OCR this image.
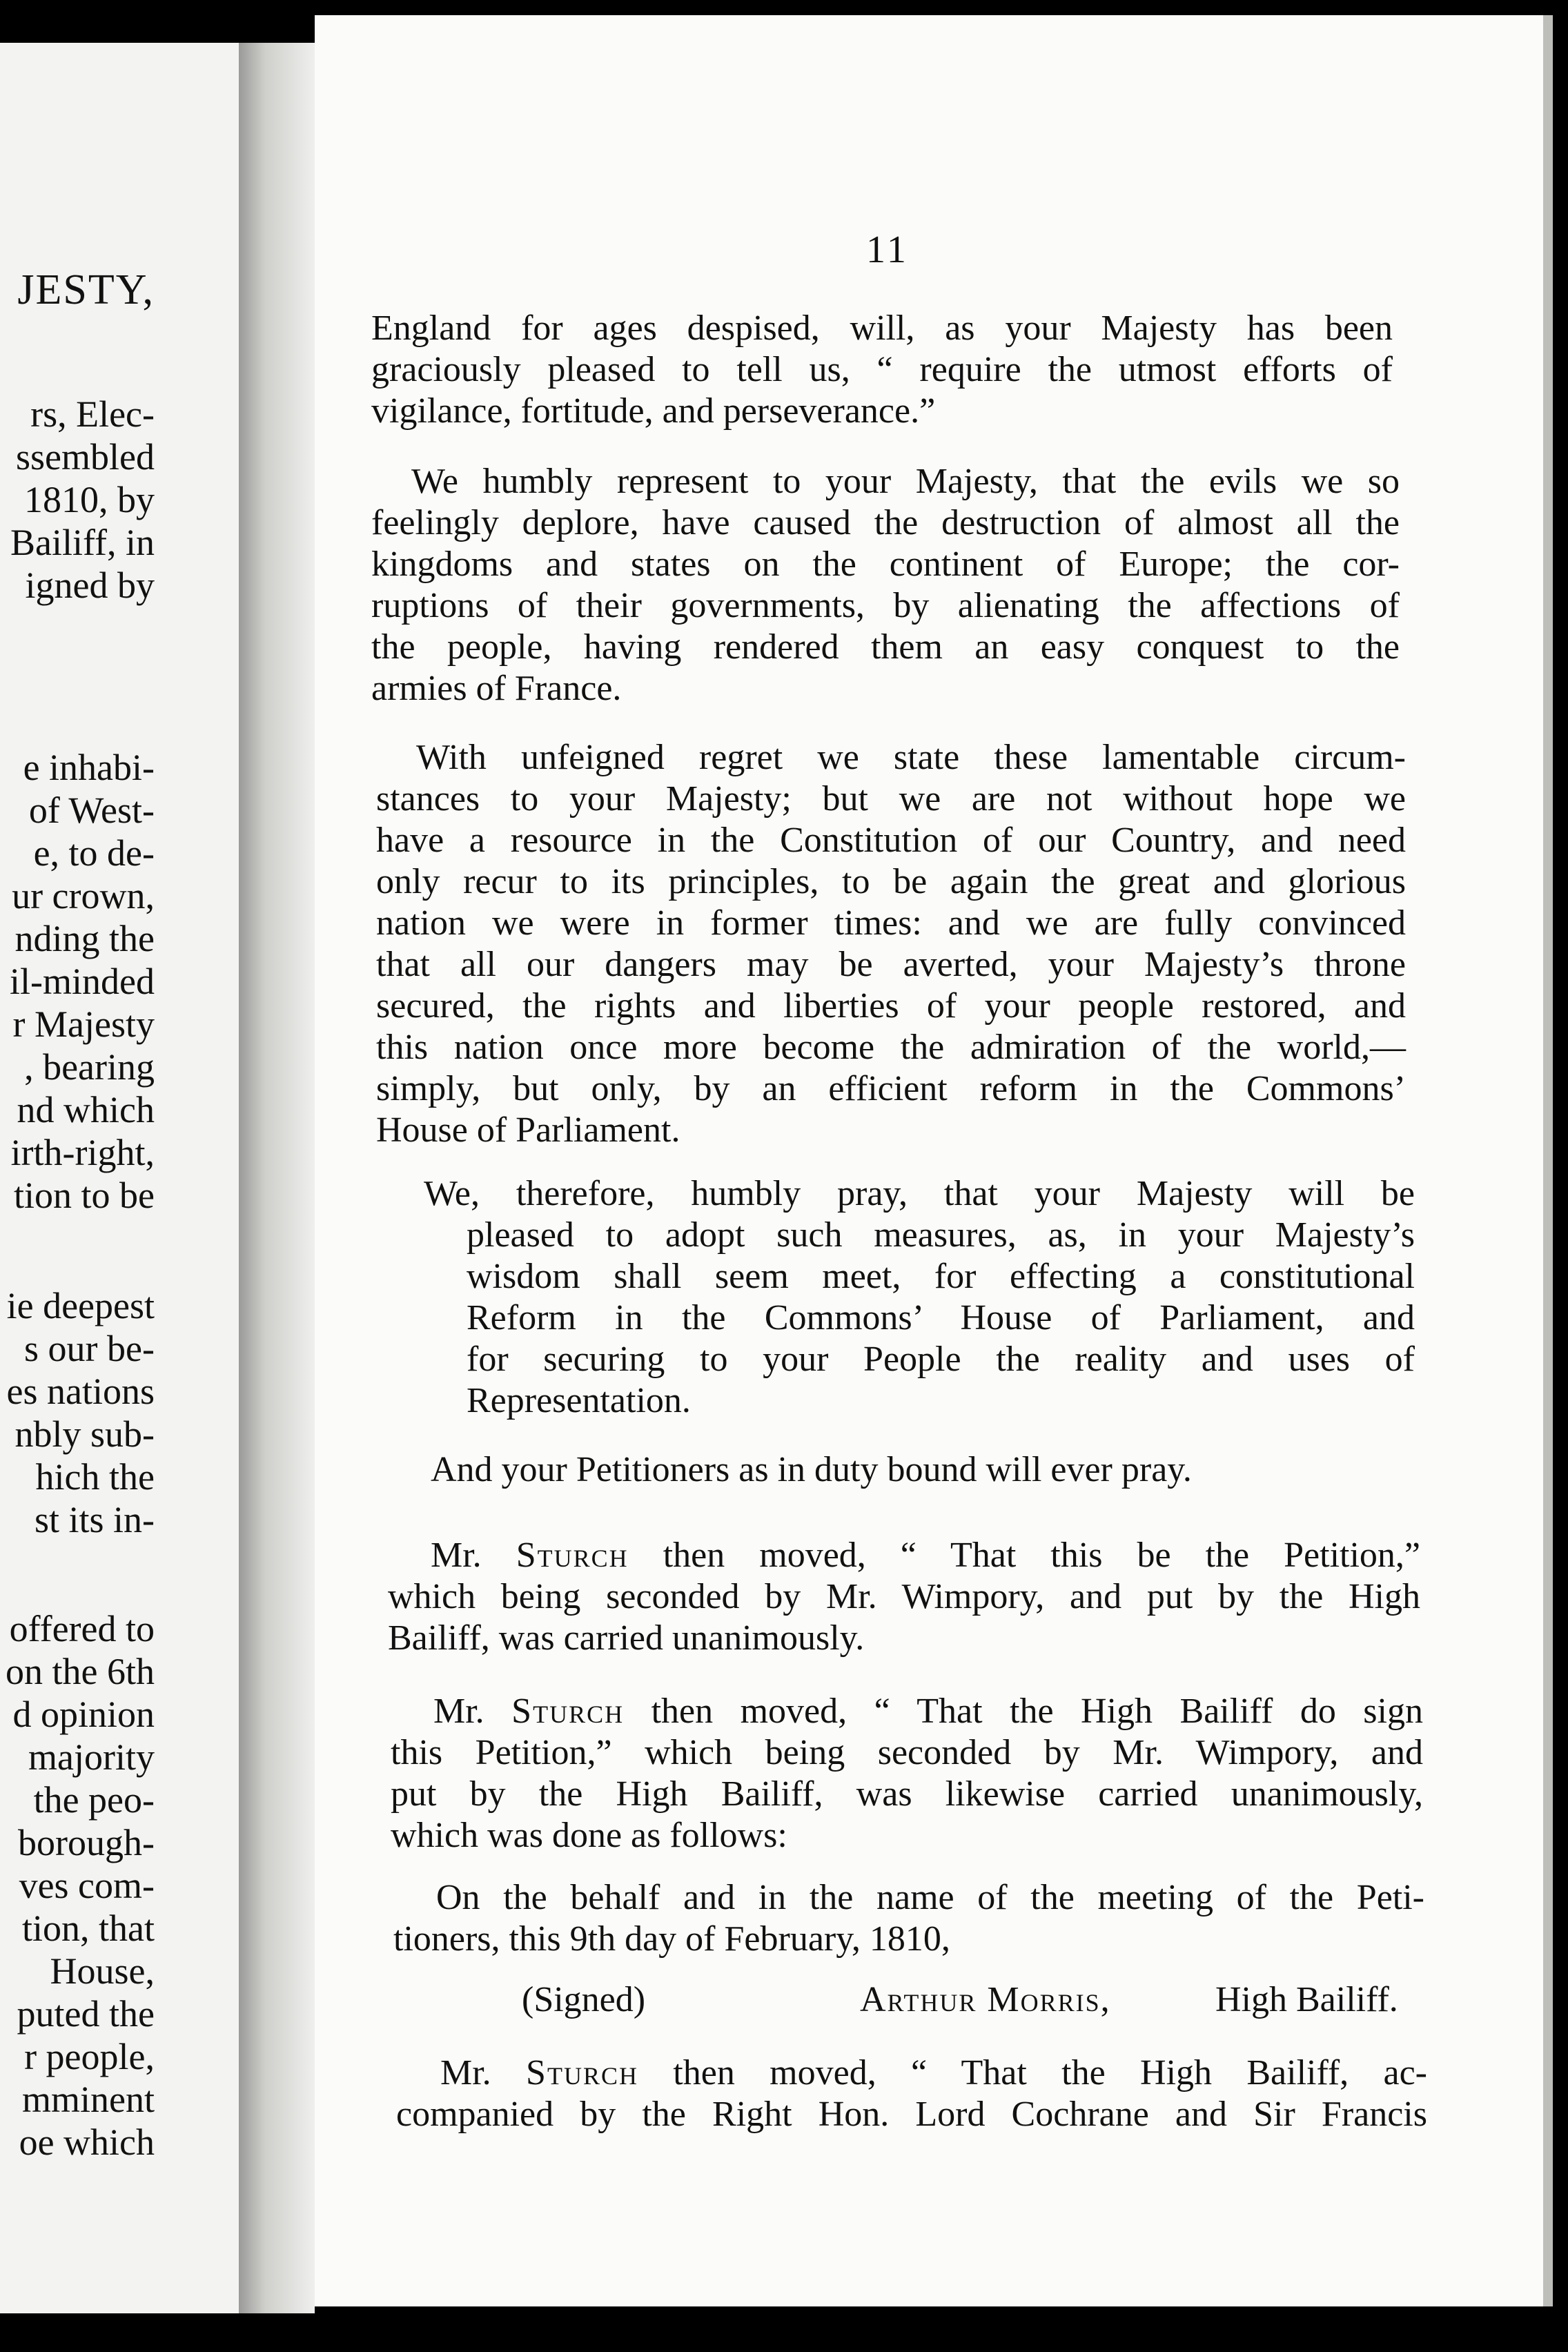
JESTY,
rs, Elec-
ssembled
1810, by
Bailiff, in
igned by
e inhabi-
of West-
e, to de-
ur crown,
nding the
il-minded
r Majesty
, bearing
nd which
irth-right,
tion to be
ie deepest
s our be-
es nations
nbly sub-
hich the
st its in-
offered to
on the 6th
d opinion
majority
the peo-
borough-
ves com-
tion, that
House,
puted the
r people,
mminent
oe which
11
England for ages despised, will, as your Majesty has been
graciously pleased to tell us, “ require the utmost efforts of
vigilance, fortitude, and perseverance.”
We humbly represent to your Majesty, that the evils we so
feelingly deplore, have caused the destruction of almost all the
kingdoms and states on the continent of Europe; the cor-
ruptions of their governments, by alienating the affections of
the people, having rendered them an easy conquest to the
armies of France.
With unfeigned regret we state these lamentable circum-
stances to your Majesty; but we are not without hope we
have a resource in the Constitution of our Country, and need
only recur to its principles, to be again the great and glorious
nation we were in former times: and we are fully convinced
that all our dangers may be averted, your Majesty’s throne
secured, the rights and liberties of your people restored, and
this nation once more become the admiration of the world,—
simply, but only, by an efficient reform in the Commons’
House of Parliament.
We, therefore, humbly pray, that your Majesty will be
pleased to adopt such measures, as, in your Majesty’s
wisdom shall seem meet, for effecting a constitutional
Reform in the Commons’ House of Parliament, and
for securing to your People the reality and uses of
Representation.
And your Petitioners as in duty bound will ever pray.
Mr. Sturch then moved, “ That this be the Petition,”
which being seconded by Mr. Wimpory, and put by the High
Bailiff, was carried unanimously.
Mr. Sturch then moved, “ That the High Bailiff do sign
this Petition,” which being seconded by Mr. Wimpory, and
put by the High Bailiff, was likewise carried unanimously,
which was done as follows:
On the behalf and in the name of the meeting of the Peti-
tioners, this 9th day of February, 1810,
(Signed)	Arthur Morris,	High Bailiff.
Mr. Sturch then moved, “ That the High Bailiff, ac-
companied by the Right Hon. Lord Cochrane and Sir Francis
